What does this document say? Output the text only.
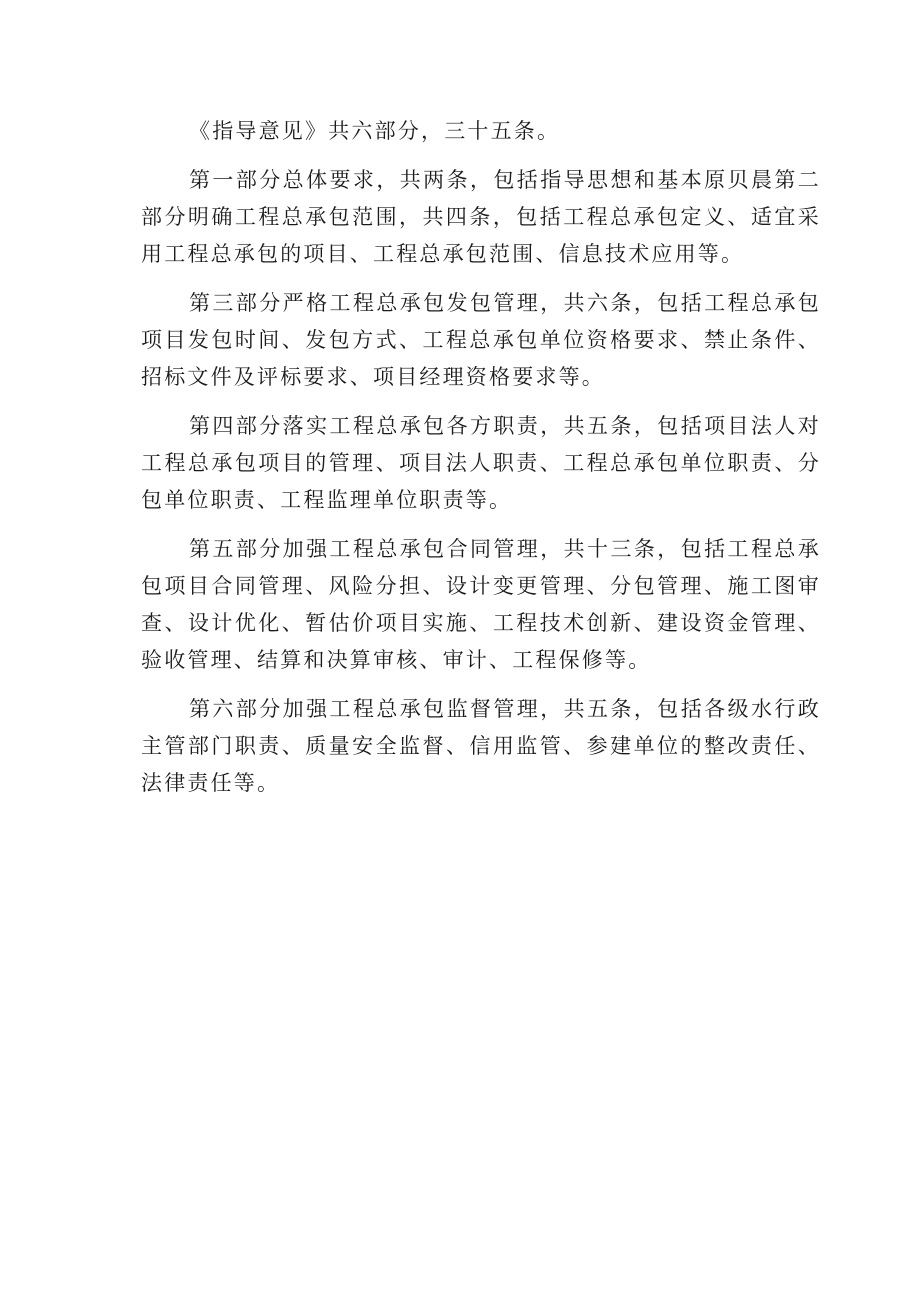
《指导意见》共六部分，三十五条。

第一部分总体要求，共两条，包括指导思想和基本原贝晨第二部分明确工程总承包范围，共四条，包括工程总承包定义、适宜采用工程总承包的项目、工程总承包范围、信息技术应用等。

第三部分严格工程总承包发包管理，共六条，包括工程总承包项目发包时间、发包方式、工程总承包单位资格要求、禁止条件、招标文件及评标要求、项目经理资格要求等。

第四部分落实工程总承包各方职责，共五条，包括项目法人对工程总承包项目的管理、项目法人职责、工程总承包单位职责、分包单位职责、工程监理单位职责等。

第五部分加强工程总承包合同管理，共十三条，包括工程总承包项目合同管理、风险分担、设计变更管理、分包管理、施工图审查、设计优化、暂估价项目实施、工程技术创新、建设资金管理、验收管理、结算和决算审核、审计、工程保修等。

第六部分加强工程总承包监督管理，共五条，包括各级水行政主管部门职责、质量安全监督、信用监管、参建单位的整改责任、法律责任等。
